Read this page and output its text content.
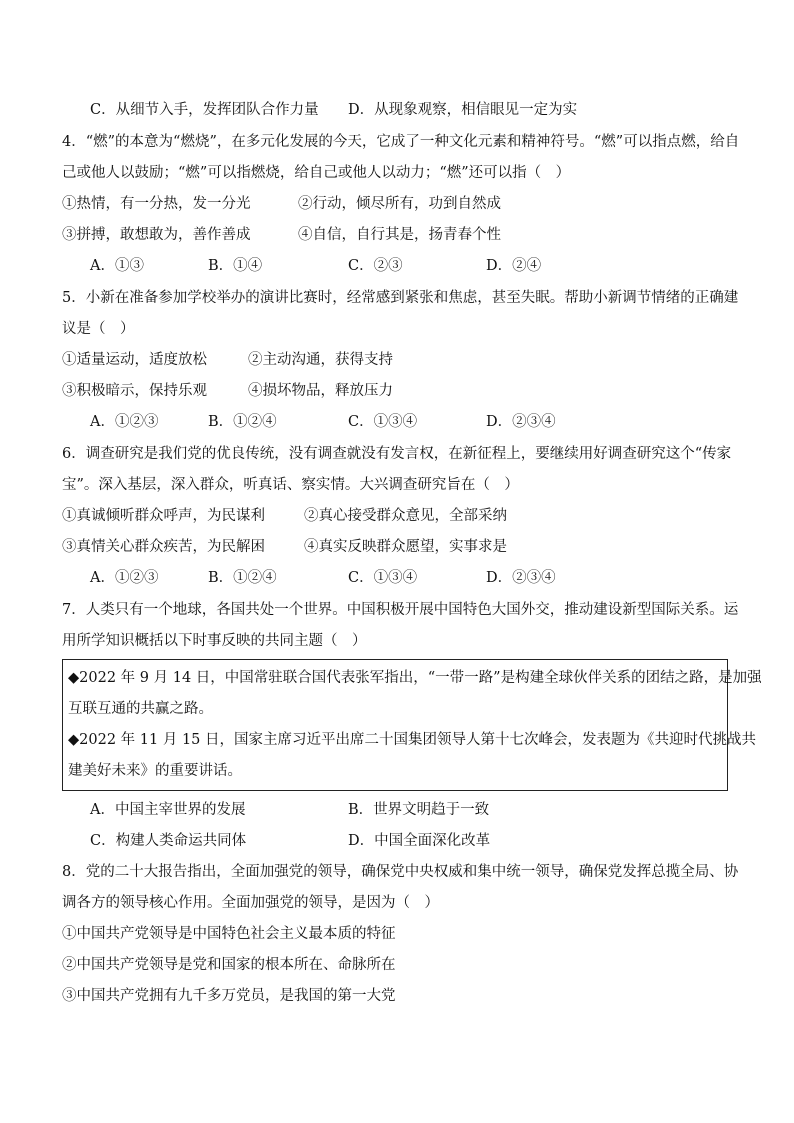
C．从细节入手，发挥团队合作力量 D．从现象观察，相信眼见一定为实
4．“燃”的本意为“燃烧”，在多元化发展的今天，它成了一种文化元素和精神符号。“燃”可以指点燃，给自
己或他人以鼓励；“燃”可以指燃烧，给自己或他人以动力；“燃”还可以指（　）
①热情，有一分热，发一分光	②行动，倾尽所有，功到自然成
③拼搏，敢想敢为，善作善成	④自信，自行其是，扬青春个性
A．①③	B．①④	C．②③	D．②④
5．小新在准备参加学校举办的演讲比赛时，经常感到紧张和焦虑，甚至失眠。帮助小新调节情绪的正确建
议是（　）
①适量运动，适度放松	②主动沟通，获得支持
③积极暗示，保持乐观	④损坏物品，释放压力
A．①②③	B．①②④	C．①③④	D．②③④
6．调查研究是我们党的优良传统，没有调查就没有发言权，在新征程上，要继续用好调查研究这个“传家
宝”。深入基层，深入群众，听真话、察实情。大兴调查研究旨在（　）
①真诚倾听群众呼声，为民谋利	②真心接受群众意见，全部采纳
③真情关心群众疾苦，为民解困	④真实反映群众愿望，实事求是
A．①②③	B．①②④	C．①③④	D．②③④
7．人类只有一个地球，各国共处一个世界。中国积极开展中国特色大国外交，推动建设新型国际关系。运
用所学知识概括以下时事反映的共同主题（　）
◆2022 年 9 月 14 日，中国常驻联合国代表张军指出，“一带一路”是构建全球伙伴关系的团结之路，是加强
互联互通的共赢之路。
◆2022 年 11 月 15 日，国家主席习近平出席二十国集团领导人第十七次峰会，发表题为《共迎时代挑战共
建美好未来》的重要讲话。
A．中国主宰世界的发展	B．世界文明趋于一致
C．构建人类命运共同体	D．中国全面深化改革
8．党的二十大报告指出，全面加强党的领导，确保党中央权威和集中统一领导，确保党发挥总揽全局、协
调各方的领导核心作用。全面加强党的领导，是因为（　）
①中国共产党领导是中国特色社会主义最本质的特征
②中国共产党领导是党和国家的根本所在、命脉所在
③中国共产党拥有九千多万党员，是我国的第一大党
